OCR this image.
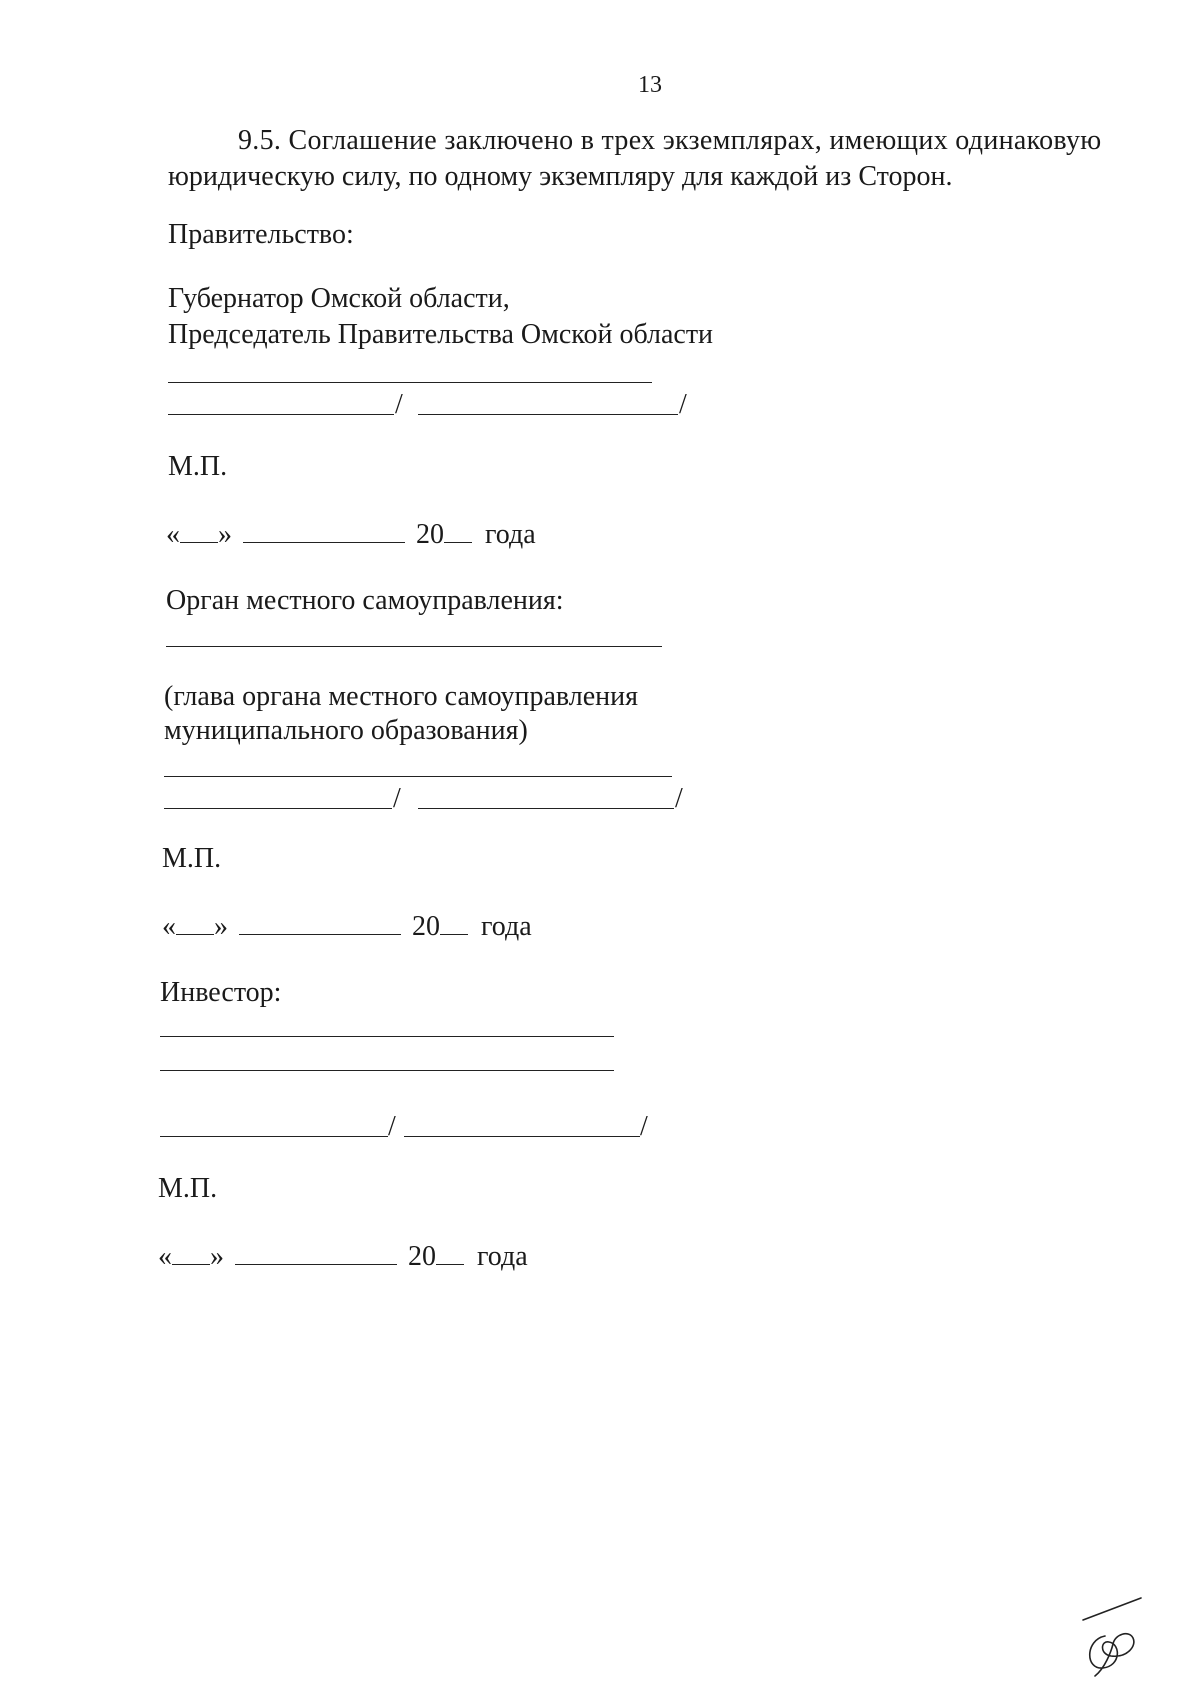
13

9.5. Соглашение заключено в трех экземплярах, имеющих одинаковую

юридическую силу, по одному экземпляру для каждой из Сторон.

Правительство:

Губернатор Омской области,

Председатель Правительства Омской области

/	/

М.П.

« »	20 года

Орган местного самоуправления:

(глава органа местного самоуправления

муниципального образования)

/	/

М.П.

« »	20 года

Инвестор:

/	/

М.П.

« »	20 года
